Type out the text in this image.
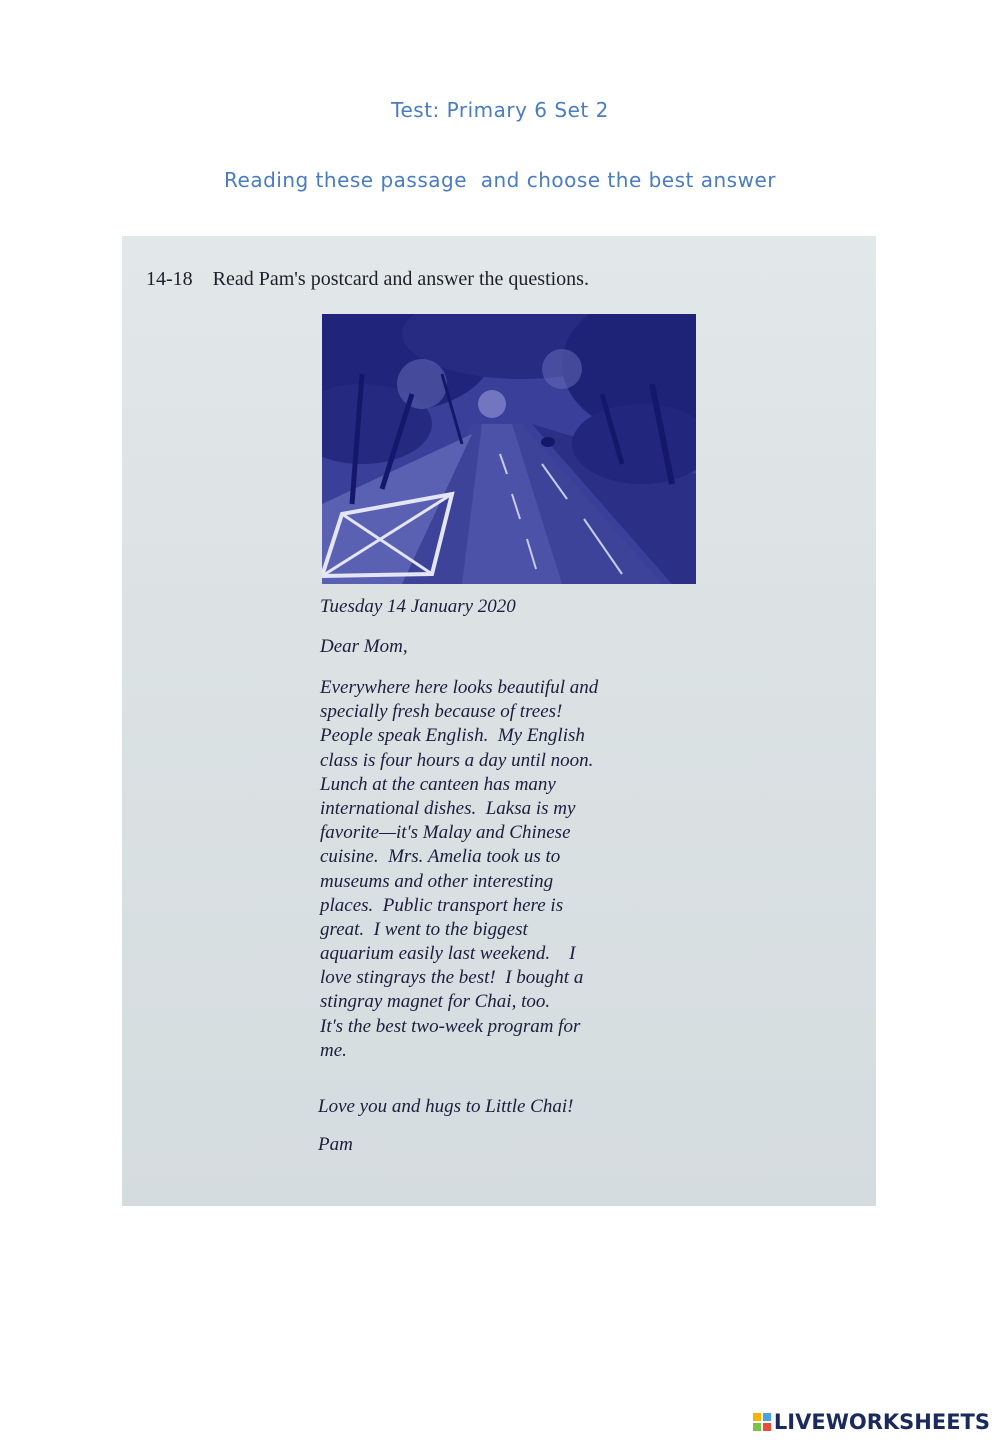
Test: Primary 6 Set 2
Reading these passage  and choose the best answer
14-18    Read Pam's postcard and answer the questions.
Tuesday 14 January 2020
Dear Mom,
Everywhere here looks beautiful and
specially fresh because of trees!
People speak English.  My English
class is four hours a day until noon.
Lunch at the canteen has many
international dishes.  Laksa is my
favorite—it's Malay and Chinese
cuisine.  Mrs. Amelia took us to
museums and other interesting
places.  Public transport here is
great.  I went to the biggest
aquarium easily last weekend.    I
love stingrays the best!  I bought a
stingray magnet for Chai, too.
It's the best two-week program for
me.
Love you and hugs to Little Chai!
Pam
LIVEWORKSHEETS
